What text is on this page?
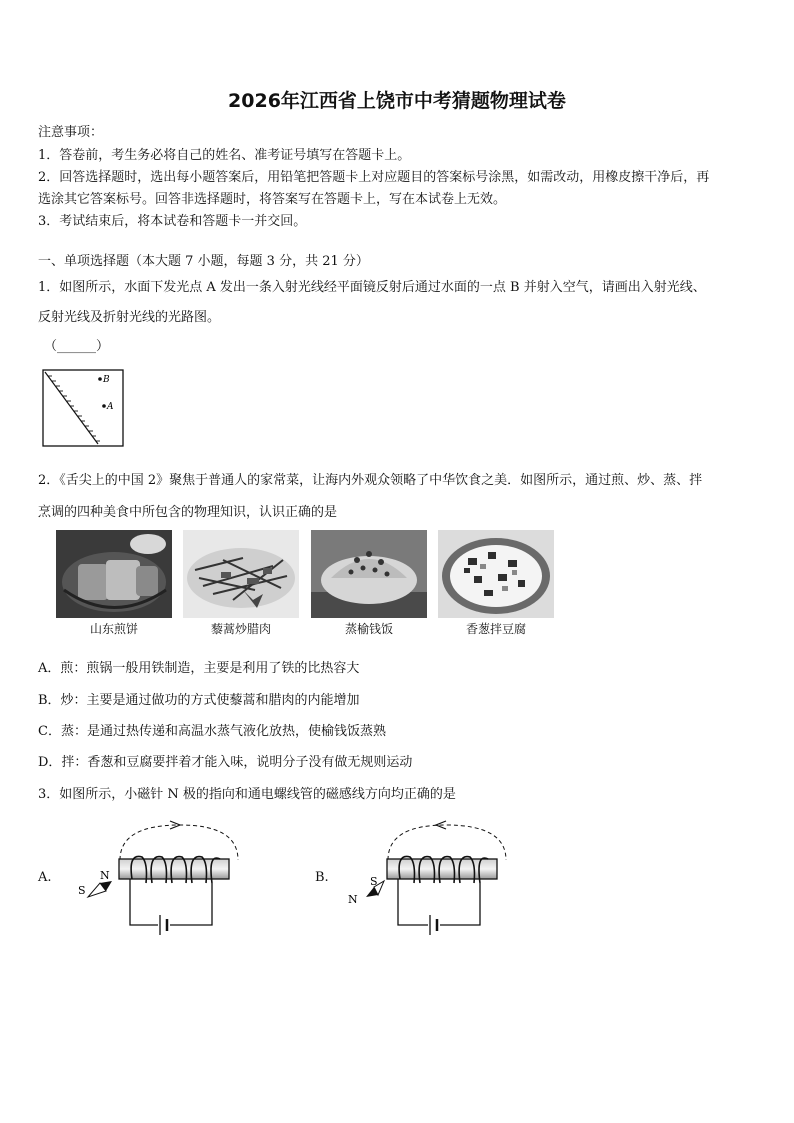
2026年江西省上饶市中考猜题物理试卷
注意事项：
1．答卷前，考生务必将自己的姓名、准考证号填写在答题卡上。
2．回答选择题时，选出每小题答案后，用铅笔把答题卡上对应题目的答案标号涂黑，如需改动，用橡皮擦干净后，再
选涂其它答案标号。回答非选择题时，将答案写在答题卡上，写在本试卷上无效。
3．考试结束后，将本试卷和答题卡一并交回。
一、单项选择题（本大题 7 小题，每题 3 分，共 21 分）
1．如图所示，水面下发光点 A 发出一条入射光线经平面镜反射后通过水面的一点 B 并射入空气，请画出入射光线、
反射光线及折射光线的光路图。
（______）
B
A
2．《舌尖上的中国 2》聚焦于普通人的家常菜，让海内外观众领略了中华饮食之美．如图所示，通过煎、炒、蒸、拌
烹调的四种美食中所包含的物理知识，认识正确的是
山东煎饼	藜蒿炒腊肉	蒸榆钱饭	香葱拌豆腐
A．煎：煎锅一般用铁制造，主要是利用了铁的比热容大
B．炒：主要是通过做功的方式使藜蒿和腊肉的内能增加
C．蒸：是通过热传递和高温水蒸气液化放热，使榆钱饭蒸熟
D．拌：香葱和豆腐要拌着才能入味，说明分子没有做无规则运动
3．如图所示，小磁针 N 极的指向和通电螺线管的磁感线方向均正确的是
A.	N
S
B.	S
N
